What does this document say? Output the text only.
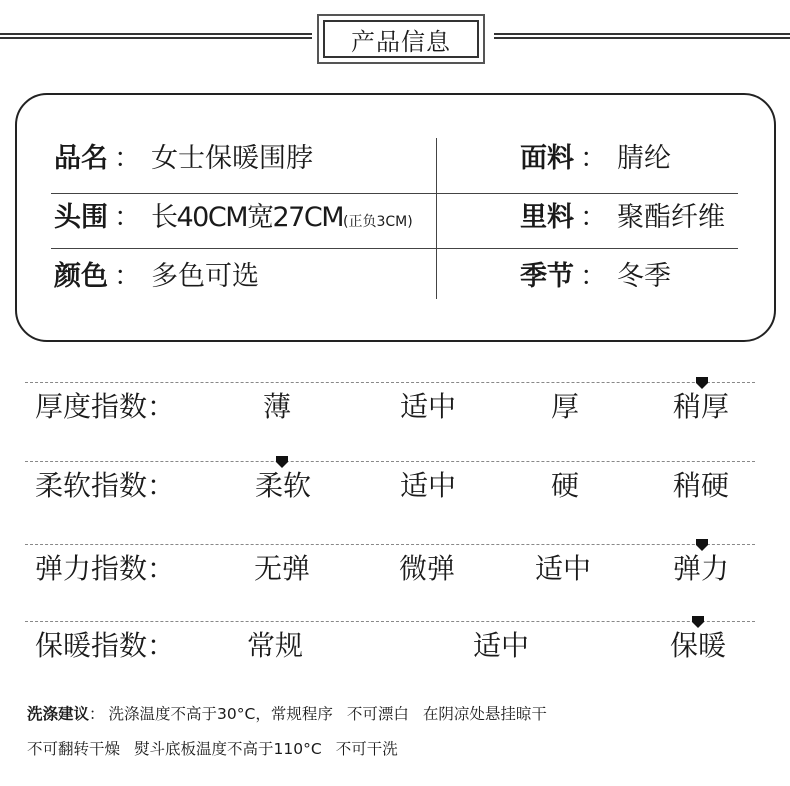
产品信息
品名 ： 女士保暖围脖	面料 ： 腈纶
头围 ： 长40CM宽27CM(正负3CM)	里料 ： 聚酯纤维
颜色 ： 多色可选	季节 ： 冬季
厚度指数：	薄	适中	厚	稍厚
柔软指数：	柔软	适中	硬	稍硬
弹力指数：	无弹	微弹	适中	弹力
保暖指数：	常规	适中	保暖
洗涤建议： 洗涤温度不高于30°C，常规程序 不可漂白 在阴凉处悬挂晾干
不可翻转干燥 熨斗底板温度不高于110°C 不可干洗
